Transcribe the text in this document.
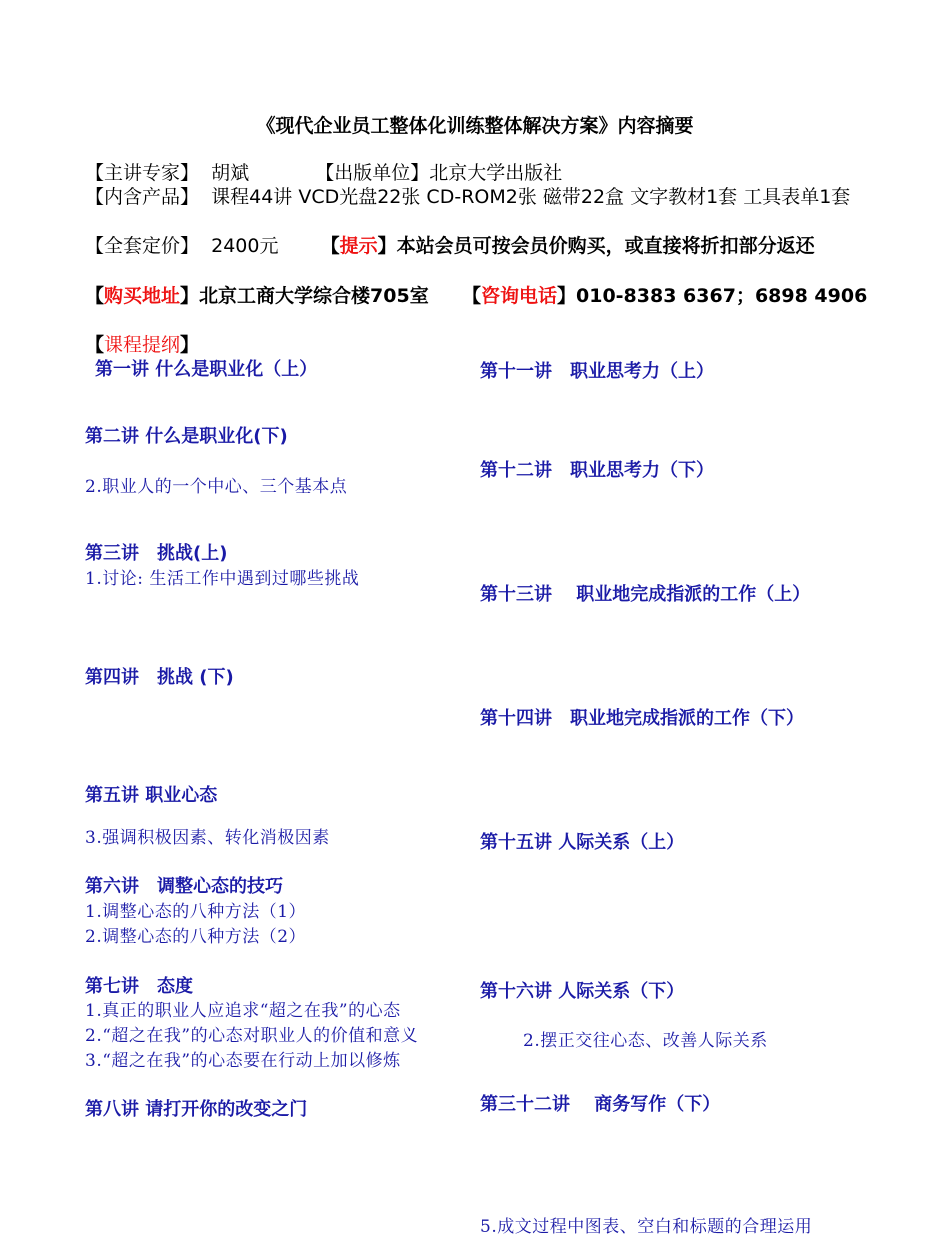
《现代企业员工整体化训练整体解决方案》内容摘要
【主讲专家】 胡斌	【出版单位】北京大学出版社
【内含产品】 课程44讲 VCD光盘22张 CD-ROM2张 磁带22盒 文字教材1套 工具表单1套
【全套定价】 2400元 【提示】本站会员可按会员价购买，或直接将折扣部分返还
【购买地址】北京工商大学综合楼705室 【咨询电话】010-8383 6367；6898 4906
【课程提纲】
第一讲 什么是职业化（上）
第二讲 什么是职业化(下)
2.职业人的一个中心、三个基本点
第三讲　挑战(上)
1.讨论: 生活工作中遇到过哪些挑战
第四讲　挑战 (下)
第五讲 职业心态
3.强调积极因素、转化消极因素
第六讲　调整心态的技巧
1.调整心态的八种方法（1）
2.调整心态的八种方法（2）
第七讲　态度
1.真正的职业人应追求“超之在我”的心态
2.“超之在我”的心态对职业人的价值和意义
3.“超之在我”的心态要在行动上加以修炼
第八讲 请打开你的改变之门
第十一讲　职业思考力（上）
第十二讲　职业思考力（下）
第十三讲　 职业地完成指派的工作（上）
第十四讲　职业地完成指派的工作（下）
第十五讲 人际关系（上）
第十六讲 人际关系（下）
2.摆正交往心态、改善人际关系
第三十二讲　 商务写作（下）
5.成文过程中图表、空白和标题的合理运用
